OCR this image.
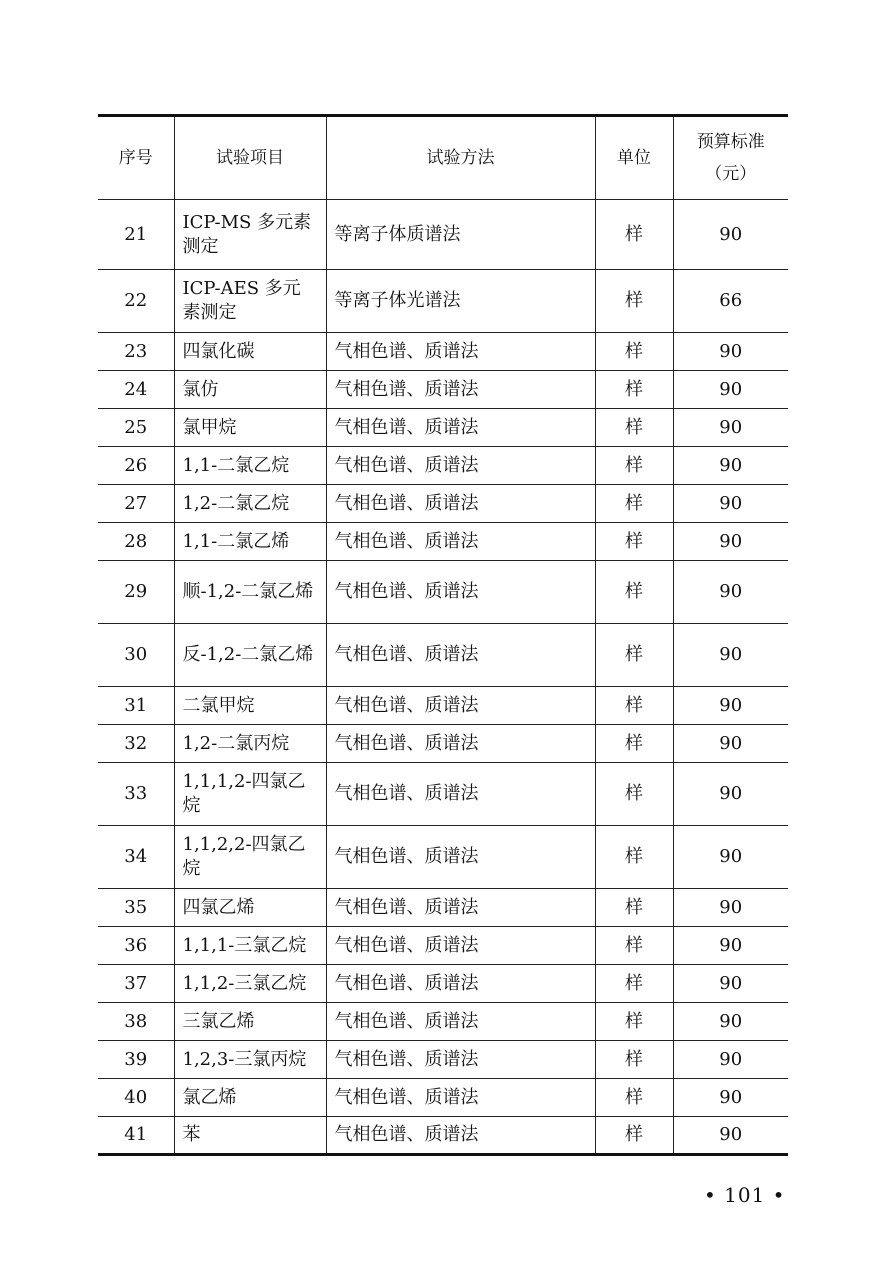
序号	试验项目	试验方法	单位	预算标准
（元）

21	ICP-MS 多元素测定	等离子体质谱法	样	90
22	ICP-AES 多元素测定	等离子体光谱法	样	66
23	四氯化碳	气相色谱、质谱法	样	90
24	氯仿	气相色谱、质谱法	样	90
25	氯甲烷	气相色谱、质谱法	样	90
26	1,1-二氯乙烷	气相色谱、质谱法	样	90
27	1,2-二氯乙烷	气相色谱、质谱法	样	90
28	1,1-二氯乙烯	气相色谱、质谱法	样	90
29	顺-1,2-二氯乙烯	气相色谱、质谱法	样	90
30	反-1,2-二氯乙烯	气相色谱、质谱法	样	90
31	二氯甲烷	气相色谱、质谱法	样	90
32	1,2-二氯丙烷	气相色谱、质谱法	样	90
33	1,1,1,2-四氯乙烷	气相色谱、质谱法	样	90
34	1,1,2,2-四氯乙烷	气相色谱、质谱法	样	90
35	四氯乙烯	气相色谱、质谱法	样	90
36	1,1,1-三氯乙烷	气相色谱、质谱法	样	90
37	1,1,2-三氯乙烷	气相色谱、质谱法	样	90
38	三氯乙烯	气相色谱、质谱法	样	90
39	1,2,3-三氯丙烷	气相色谱、质谱法	样	90
40	氯乙烯	气相色谱、质谱法	样	90
41	苯	气相色谱、质谱法	样	90
• 101 •
